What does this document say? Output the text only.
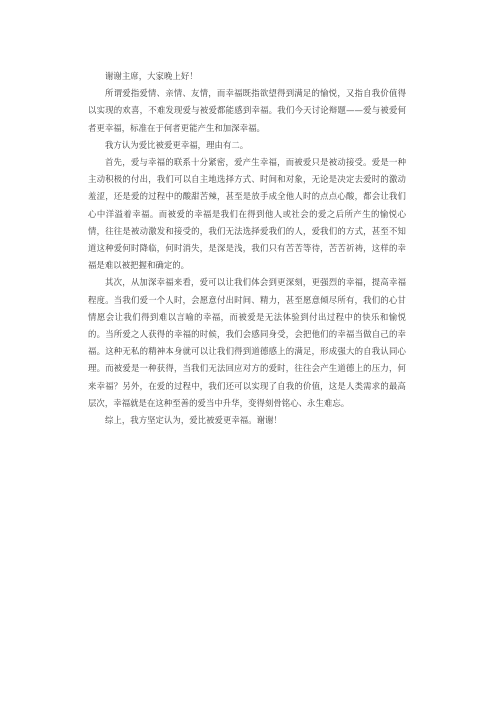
谢谢主席，大家晚上好！

所谓爱指爱情、亲情、友情，而幸福既指欲望得到满足的愉悦，又指自我价值得以实现的欢喜，不难发现爱与被爱都能感到幸福。我们今天讨论辩题——爱与被爱何者更幸福，标准在于何者更能产生和加深幸福。

我方认为爱比被爱更幸福，理由有二。

首先，爱与幸福的联系十分紧密，爱产生幸福，而被爱只是被动接受。爱是一种主动积极的付出，我们可以自主地选择方式、时间和对象，无论是决定去爱时的激动羞涩，还是爱的过程中的酸甜苦辣，甚至是放手成全他人时的点点心酸，都会让我们心中洋溢着幸福。而被爱的幸福是我们在得到他人或社会的爱之后所产生的愉悦心情，往往是被动激发和接受的，我们无法选择爱我们的人，爱我们的方式，甚至不知道这种爱何时降临，何时消失，是深是浅，我们只有苦苦等待，苦苦祈祷，这样的幸福是难以被把握和确定的。

其次，从加深幸福来看，爱可以让我们体会到更深刻，更强烈的幸福，提高幸福程度。当我们爱一个人时，会愿意付出时间、精力，甚至愿意倾尽所有，我们的心甘情愿会让我们得到难以言喻的幸福，而被爱是无法体验到付出过程中的快乐和愉悦的。当所爱之人获得的幸福的时候，我们会感同身受，会把他们的幸福当做自己的幸福。这种无私的精神本身就可以让我们得到道德感上的满足，形成强大的自我认同心理。而被爱是一种获得，当我们无法回应对方的爱时，往往会产生道德上的压力，何来幸福？另外，在爱的过程中，我们还可以实现了自我的价值，这是人类需求的最高层次，幸福就是在这种至善的爱当中升华，变得刻骨铭心、永生难忘。

综上，我方坚定认为，爱比被爱更幸福。谢谢！
